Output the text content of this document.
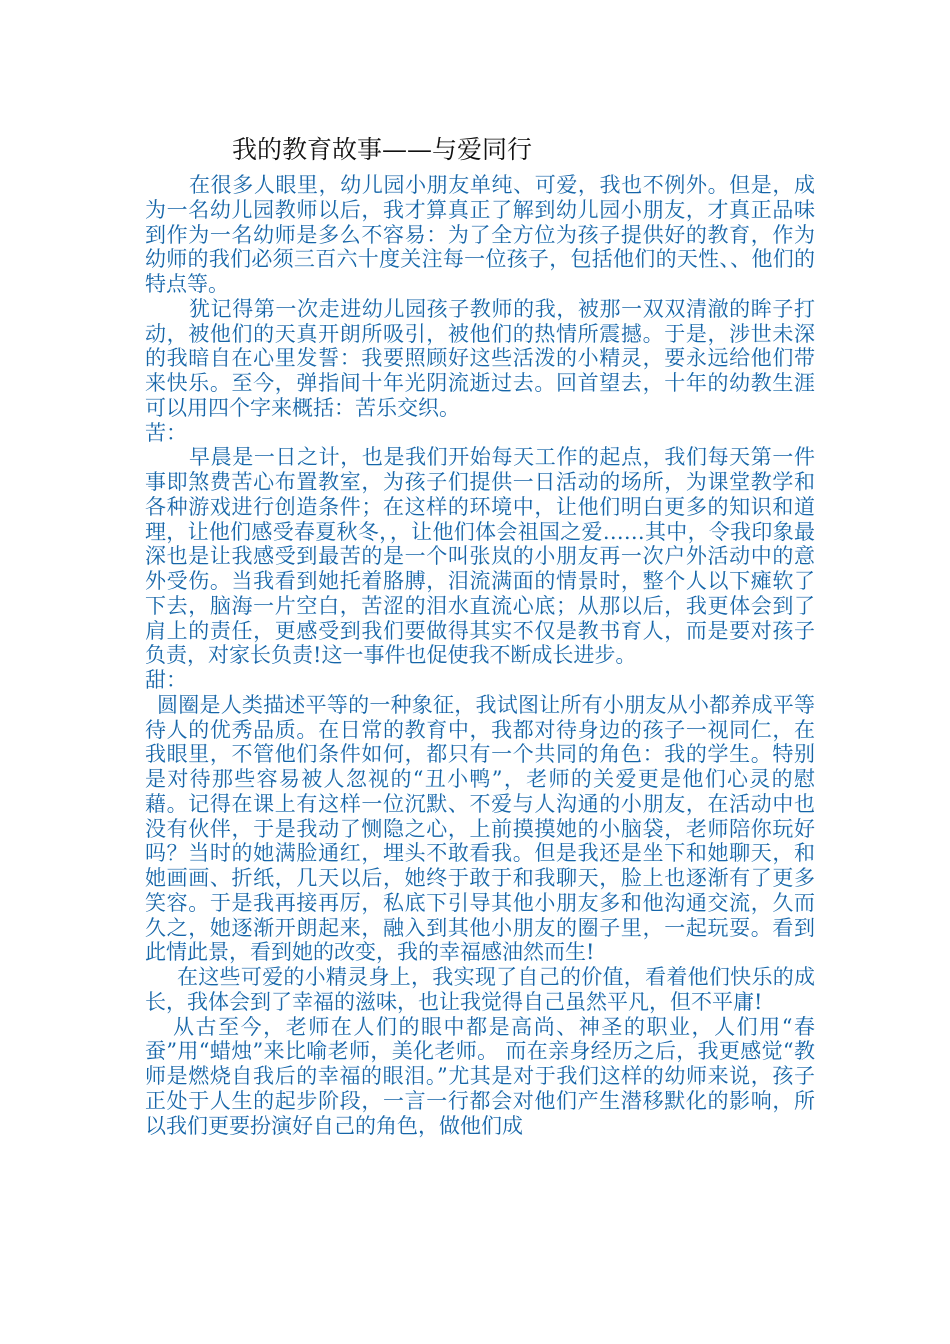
我的教育故事——与爱同行

在很多人眼里，幼儿园小朋友单纯、可爱，我也不例外。但是，成为一名幼儿园教师以后，我才算真正了解到幼儿园小朋友，才真正品味到作为一名幼师是多么不容易：为了全方位为孩子提供好的教育，作为幼师的我们必须三百六十度关注每一位孩子，包括他们的天性、、他们的特点等。

犹记得第一次走进幼儿园孩子教师的我，被那一双双清澈的眸子打动，被他们的天真开朗所吸引，被他们的热情所震撼。于是，涉世未深的我暗自在心里发誓：我要照顾好这些活泼的小精灵，要永远给他们带来快乐。至今，弹指间十年光阴流逝过去。回首望去，十年的幼教生涯可以用四个字来概括：苦乐交织。

苦：

早晨是一日之计，也是我们开始每天工作的起点，我们每天第一件事即煞费苦心布置教室，为孩子们提供一日活动的场所，为课堂教学和各种游戏进行创造条件；在这样的环境中，让他们明白更多的知识和道理，让他们感受春夏秋冬，，让他们体会祖国之爱……其中，令我印象最深也是让我感受到最苦的是一个叫张岚的小朋友再一次户外活动中的意外受伤。当我看到她托着胳膊，泪流满面的情景时，整个人以下瘫软了下去，脑海一片空白，苦涩的泪水直流心底；从那以后，我更体会到了肩上的责任，更感受到我们要做得其实不仅是教书育人，而是要对孩子负责，对家长负责!这一事件也促使我不断成长进步。

甜：

圆圈是人类描述平等的一种象征，我试图让所有小朋友从小都养成平等待人的优秀品质。在日常的教育中，我都对待身边的孩子一视同仁，在我眼里，不管他们条件如何，都只有一个共同的角色：我的学生。特别是对待那些容易被人忽视的“丑小鸭”，老师的关爱更是他们心灵的慰藉。记得在课上有这样一位沉默、不爱与人沟通的小朋友，在活动中也没有伙伴，于是我动了恻隐之心，上前摸摸她的小脑袋，老师陪你玩好吗？当时的她满脸通红，埋头不敢看我。但是我还是坐下和她聊天，和她画画、折纸，几天以后，她终于敢于和我聊天，脸上也逐渐有了更多笑容。于是我再接再厉，私底下引导其他小朋友多和他沟通交流，久而久之，她逐渐开朗起来，融入到其他小朋友的圈子里，一起玩耍。看到此情此景，看到她的改变，我的幸福感油然而生!

在这些可爱的小精灵身上，我实现了自己的价值，看着他们快乐的成长，我体会到了幸福的滋味，也让我觉得自己虽然平凡，但不平庸!

从古至今，老师在人们的眼中都是高尚、神圣的职业，人们用“春蚕”用“蜡烛”来比喻老师，美化老师。 而在亲身经历之后，我更感觉“教师是燃烧自我后的幸福的眼泪。”尤其是对于我们这样的幼师来说，孩子正处于人生的起步阶段，一言一行都会对他们产生潜移默化的影响，所以我们更要扮演好自己的角色，做他们成
